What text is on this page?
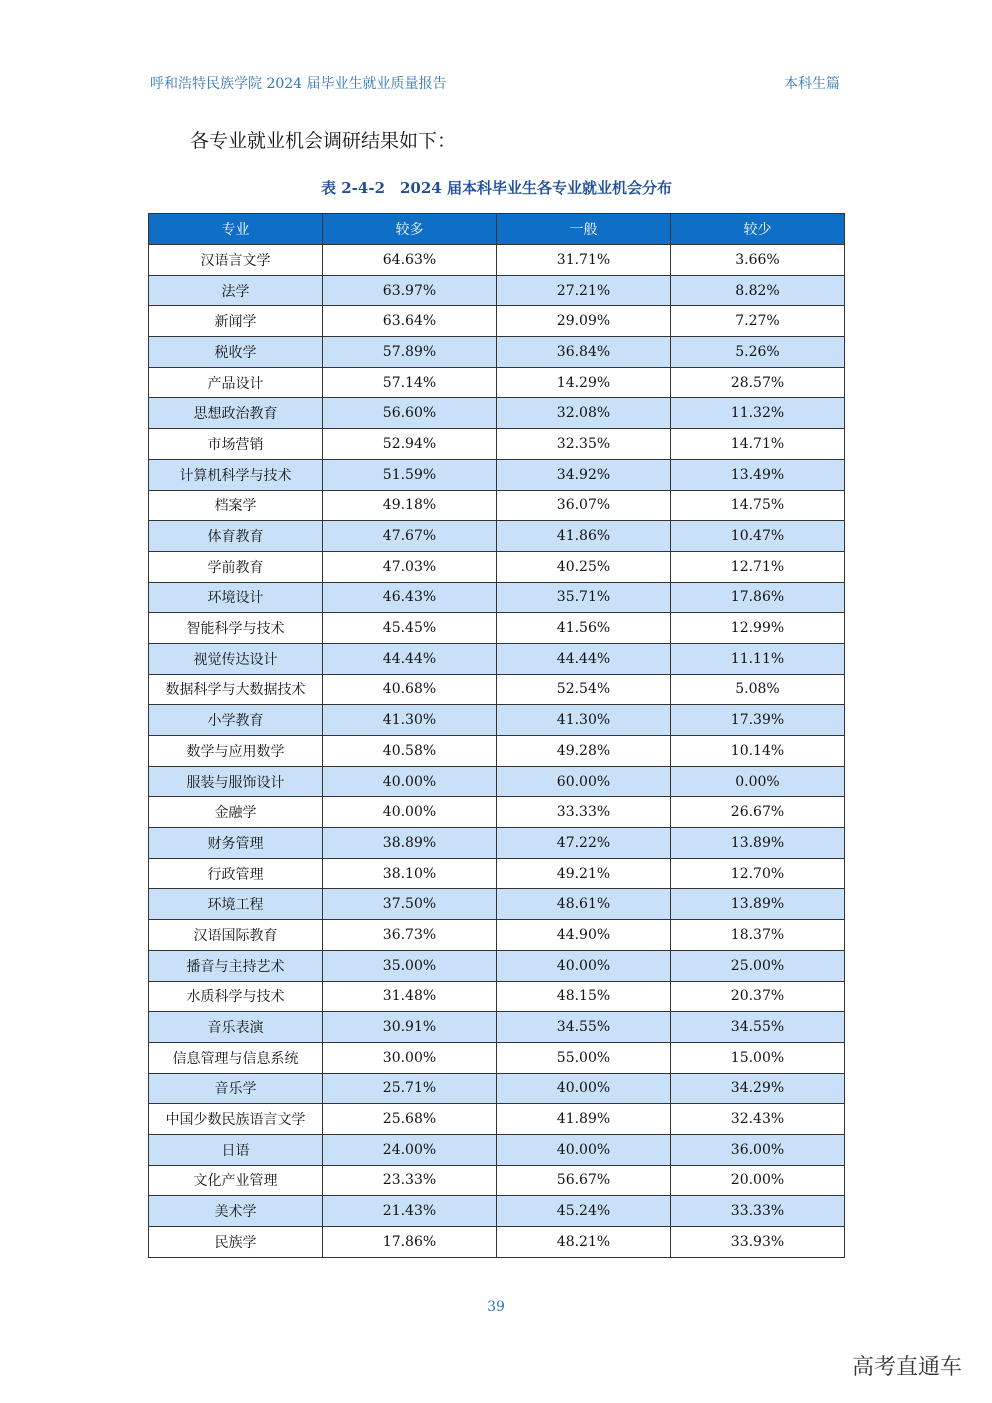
呼和浩特民族学院 2024 届毕业生就业质量报告	本科生篇
各专业就业机会调研结果如下：
表 2-4-2　2024 届本科毕业生各专业就业机会分布
专业	较多	一般	较少
汉语言文学	64.63%	31.71%	3.66%
法学	63.97%	27.21%	8.82%
新闻学	63.64%	29.09%	7.27%
税收学	57.89%	36.84%	5.26%
产品设计	57.14%	14.29%	28.57%
思想政治教育	56.60%	32.08%	11.32%
市场营销	52.94%	32.35%	14.71%
计算机科学与技术	51.59%	34.92%	13.49%
档案学	49.18%	36.07%	14.75%
体育教育	47.67%	41.86%	10.47%
学前教育	47.03%	40.25%	12.71%
环境设计	46.43%	35.71%	17.86%
智能科学与技术	45.45%	41.56%	12.99%
视觉传达设计	44.44%	44.44%	11.11%
数据科学与大数据技术	40.68%	52.54%	5.08%
小学教育	41.30%	41.30%	17.39%
数学与应用数学	40.58%	49.28%	10.14%
服装与服饰设计	40.00%	60.00%	0.00%
金融学	40.00%	33.33%	26.67%
财务管理	38.89%	47.22%	13.89%
行政管理	38.10%	49.21%	12.70%
环境工程	37.50%	48.61%	13.89%
汉语国际教育	36.73%	44.90%	18.37%
播音与主持艺术	35.00%	40.00%	25.00%
水质科学与技术	31.48%	48.15%	20.37%
音乐表演	30.91%	34.55%	34.55%
信息管理与信息系统	30.00%	55.00%	15.00%
音乐学	25.71%	40.00%	34.29%
中国少数民族语言文学	25.68%	41.89%	32.43%
日语	24.00%	40.00%	36.00%
文化产业管理	23.33%	56.67%	20.00%
美术学	21.43%	45.24%	33.33%
民族学	17.86%	48.21%	33.93%
39
高考直通车
